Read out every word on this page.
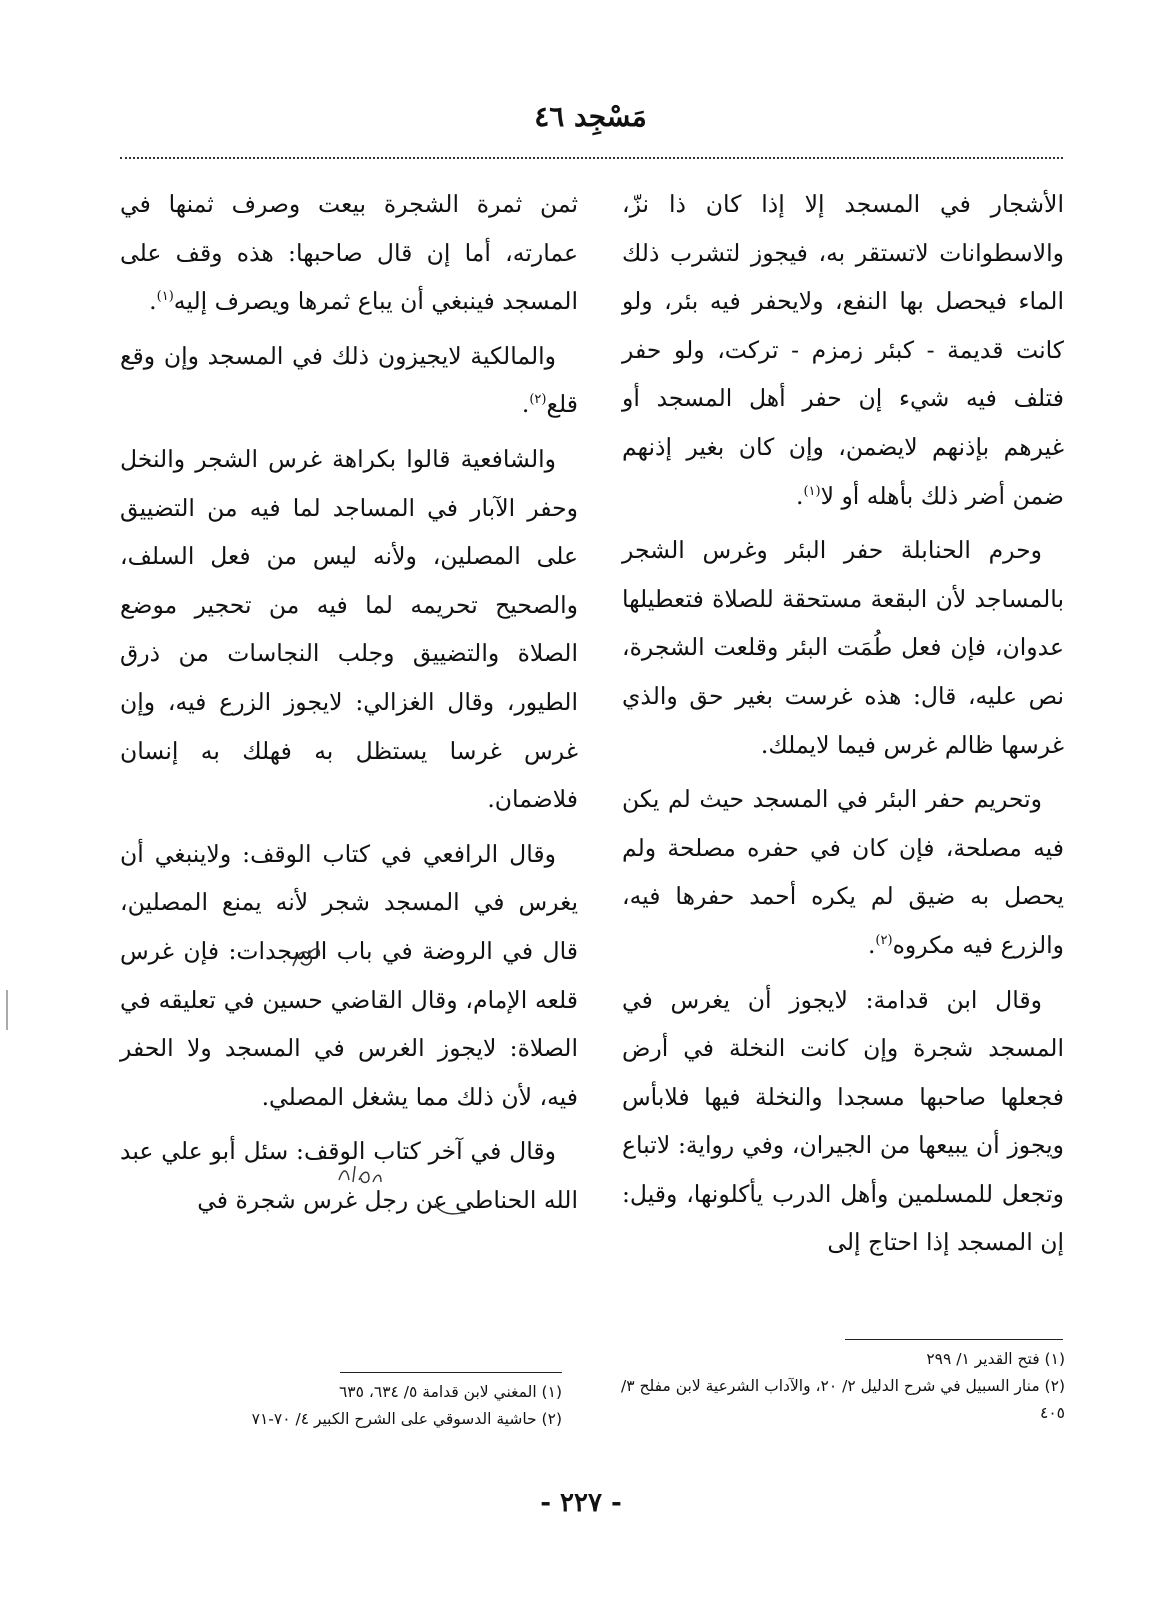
مَسْجِد ٤٦

الأشجار في المسجد إلا إذا كان ذا نزّ، والاسطوانات لاتستقر به، فيجوز لتشرب ذلك الماء فيحصل بها النفع، ولايحفر فيه بئر، ولو كانت قديمة - كبئر زمزم - تركت، ولو حفر فتلف فيه شيء إن حفر أهل المسجد أو غيرهم بإذنهم لايضمن، وإن كان بغير إذنهم ضمن أضر ذلك بأهله أو لا$^{(١)}$.

وحرم الحنابلة حفر البئر وغرس الشجر بالمساجد لأن البقعة مستحقة للصلاة فتعطيلها عدوان، فإن فعل طُمَت البئر وقلعت الشجرة، نص عليه، قال: هذه غرست بغير حق والذي غرسها ظالم غرس فيما لايملك.

وتحريم حفر البئر في المسجد حيث لم يكن فيه مصلحة، فإن كان في حفره مصلحة ولم يحصل به ضيق لم يكره أحمد حفرها فيه، والزرع فيه مكروه$^{(٢)}$.

وقال ابن قدامة: لايجوز أن يغرس في المسجد شجرة وإن كانت النخلة في أرض فجعلها صاحبها مسجدا والنخلة فيها فلابأس ويجوز أن يبيعها من الجيران، وفي رواية: لاتباع وتجعل للمسلمين وأهل الدرب يأكلونها، وقيل: إن المسجد إذا احتاج إلى

ثمن ثمرة الشجرة بيعت وصرف ثمنها في عمارته، أما إن قال صاحبها: هذه وقف على المسجد فينبغي أن يباع ثمرها ويصرف إليه$^{(١)}$.

والمالكية لايجيزون ذلك في المسجد وإن وقع قلع$^{(٢)}$.

والشافعية قالوا بكراهة غرس الشجر والنخل وحفر الآبار في المساجد لما فيه من التضييق على المصلين، ولأنه ليس من فعل السلف، والصحيح تحريمه لما فيه من تحجير موضع الصلاة والتضييق وجلب النجاسات من ذرق الطيور، وقال الغزالي: لايجوز الزرع فيه، وإن غرس غرسا يستظل به فهلك به إنسان فلاضمان.

وقال الرافعي في كتاب الوقف: ولاينبغي أن يغرس في المسجد شجر لأنه يمنع المصلين، قال في الروضة في باب السجدات: فإن غرس قلعه الإمام، وقال القاضي حسين في تعليقه في الصلاة: لايجوز الغرس في المسجد ولا الحفر فيه، لأن ذلك مما يشغل المصلي.

وقال في آخر كتاب الوقف: سئل أبو علي عبد الله الحناطي عن رجل غرس شجرة في

(١) فتح القدير ١/ ٢٩٩
(٢) منار السبيل في شرح الدليل ٢/ ٢٠، والآداب الشرعية لابن مفلح ٣/ ٤٠٥
(١) المغني لابن قدامة ٥/ ٦٣٤، ٦٣٥
(٢) حاشية الدسوقي على الشرح الكبير ٤/ ٧٠-٧١
- ٢٢٧ -
